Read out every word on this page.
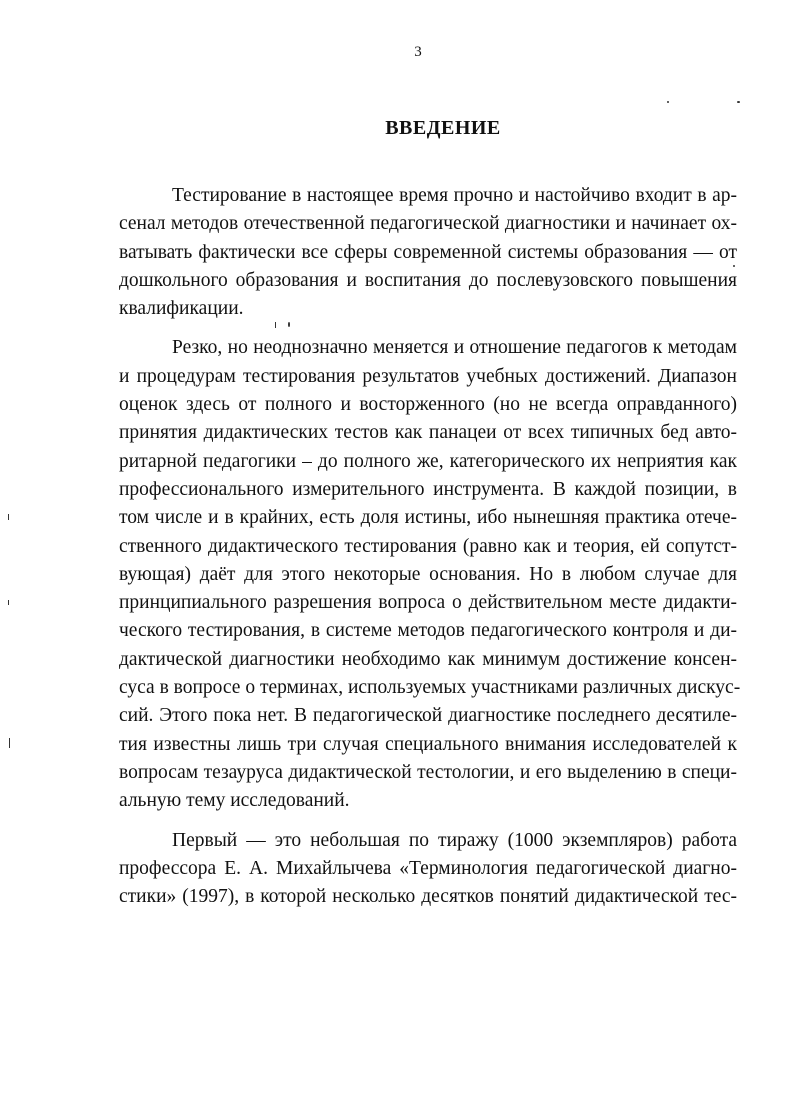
3
ВВЕДЕНИЕ
Тестирование в настоящее время прочно и настойчиво входит в ар-
сенал методов отечественной педагогической диагностики и начинает ох-
ватывать фактически все сферы современной системы образования — от
дошкольного образования и воспитания до послевузовского повышения
квалификации.
Резко, но неоднозначно меняется и отношение педагогов к методам
и процедурам тестирования результатов учебных достижений. Диапазон
оценок здесь от полного и восторженного (но не всегда оправданного)
принятия дидактических тестов как панацеи от всех типичных бед авто-
ритарной педагогики – до полного же, категорического их неприятия как
профессионального измерительного инструмента. В каждой позиции, в
том числе и в крайних, есть доля истины, ибо нынешняя практика отече-
ственного дидактического тестирования (равно как и теория, ей сопутст-
вующая) даёт для этого некоторые основания. Но в любом случае для
принципиального разрешения вопроса о действительном месте дидакти-
ческого тестирования, в системе методов педагогического контроля и ди-
дактической диагностики необходимо как минимум достижение консен-
суса в вопросе о терминах, используемых участниками различных дискус-
сий. Этого пока нет. В педагогической диагностике последнего десятиле-
тия известны лишь три случая специального внимания исследователей к
вопросам тезауруса дидактической тестологии, и его выделению в специ-
альную тему исследований.
Первый — это небольшая по тиражу (1000 экземпляров) работа
профессора Е. А. Михайлычева «Терминология педагогической диагно-
стики» (1997), в которой несколько десятков понятий дидактической тес-
